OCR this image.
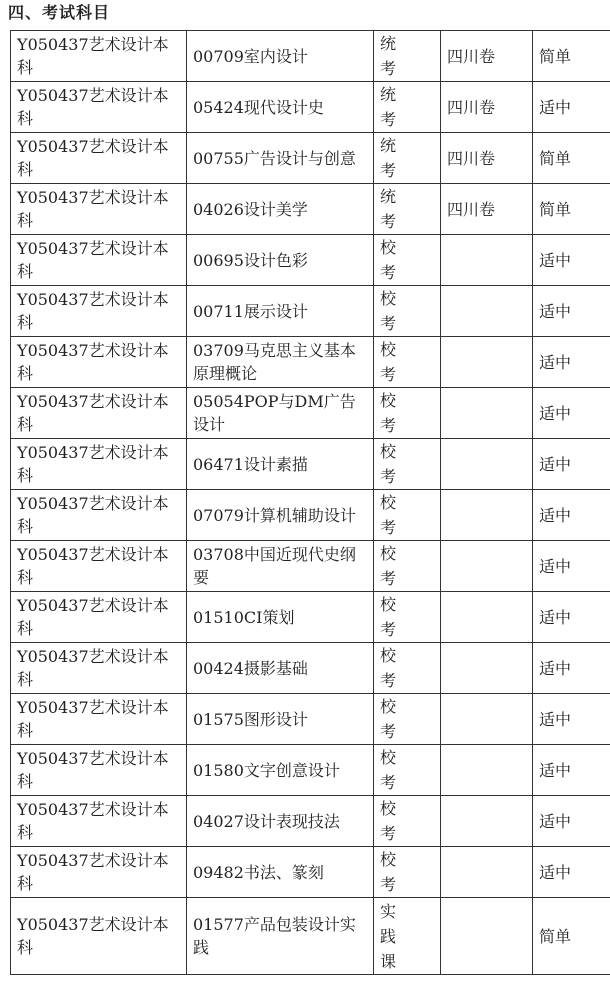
四、考试科目
Y050437艺术设计本科	00709室内设计	统考	四川卷	简单
Y050437艺术设计本科	05424现代设计史	统考	四川卷	适中
Y050437艺术设计本科	00755广告设计与创意	统考	四川卷	简单
Y050437艺术设计本科	04026设计美学	统考	四川卷	简单
Y050437艺术设计本科	00695设计色彩	校考		适中
Y050437艺术设计本科	00711展示设计	校考		适中
Y050437艺术设计本科	03709马克思主义基本原理概论	校考		适中
Y050437艺术设计本科	05054POP与DM广告设计	校考		适中
Y050437艺术设计本科	06471设计素描	校考		适中
Y050437艺术设计本科	07079计算机辅助设计	校考		适中
Y050437艺术设计本科	03708中国近现代史纲要	校考		适中
Y050437艺术设计本科	01510CI策划	校考		适中
Y050437艺术设计本科	00424摄影基础	校考		适中
Y050437艺术设计本科	01575图形设计	校考		适中
Y050437艺术设计本科	01580文字创意设计	校考		适中
Y050437艺术设计本科	04027设计表现技法	校考		适中
Y050437艺术设计本科	09482书法、篆刻	校考		适中
Y050437艺术设计本科	01577产品包装设计实践	实践课		简单
